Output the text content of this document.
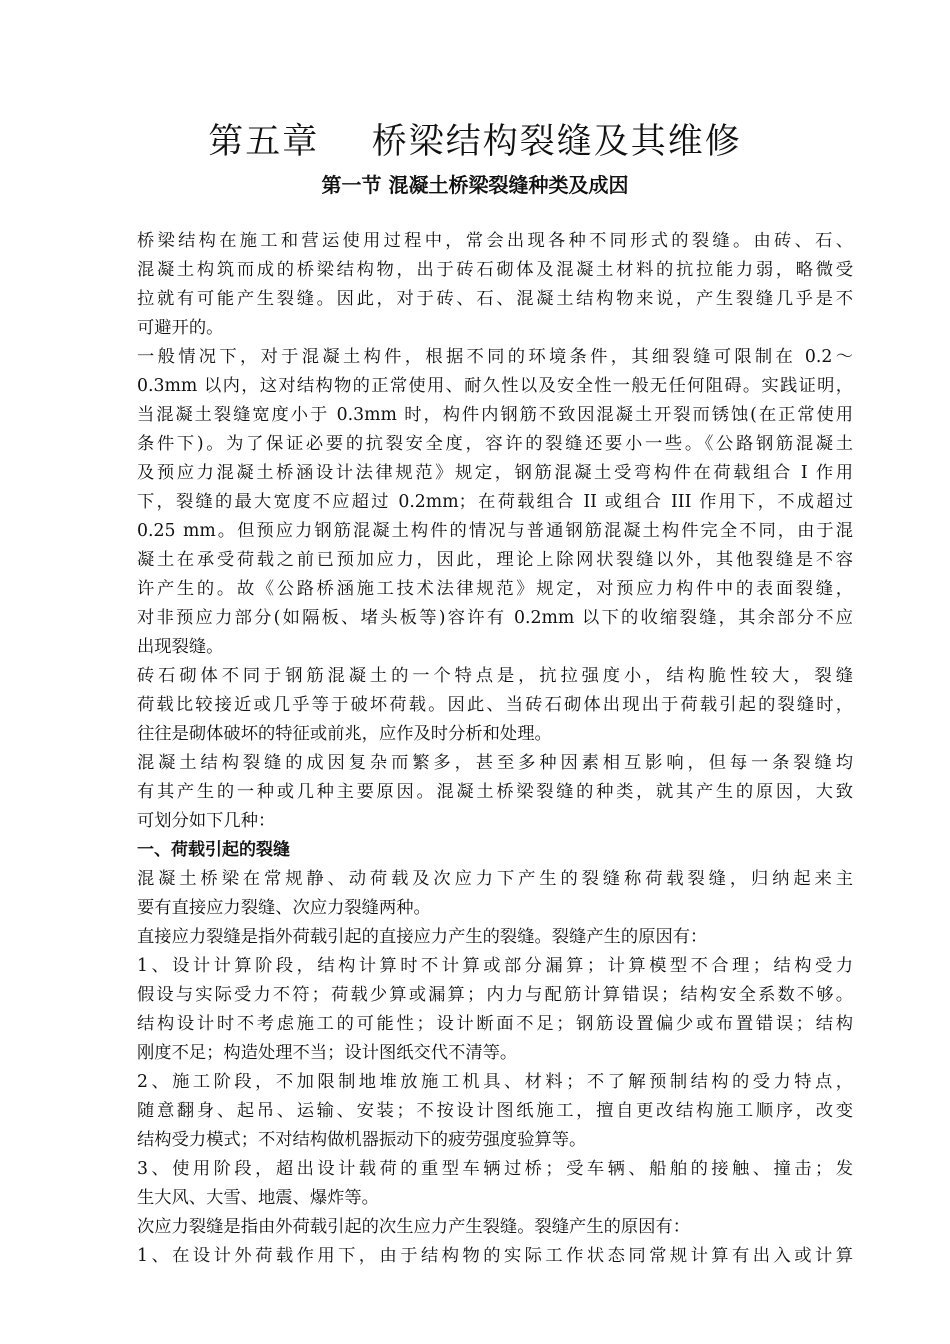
第五章    桥梁结构裂缝及其维修
第一节 混凝土桥梁裂缝种类及成因
桥梁结构在施工和营运使用过程中，常会出现各种不同形式的裂缝。由砖、石、
混凝土构筑而成的桥梁结构物，出于砖石砌体及混凝土材料的抗拉能力弱，略微受
拉就有可能产生裂缝。因此，对于砖、石、混凝土结构物来说，产生裂缝几乎是不
可避开的。
一般情况下，对于混凝土构件，根据不同的环境条件，其细裂缝可限制在 0.2～
0.3mm 以内，这对结构物的正常使用、耐久性以及安全性一般无任何阻碍。实践证明，
当混凝土裂缝宽度小于 0.3mm 时，构件内钢筋不致因混凝土开裂而锈蚀(在正常使用
条件下)。为了保证必要的抗裂安全度，容许的裂缝还要小一些。《公路钢筋混凝土
及预应力混凝土桥涵设计法律规范》规定，钢筋混凝土受弯构件在荷载组合 I 作用
下，裂缝的最大宽度不应超过 0.2mm；在荷载组合 II 或组合 III 作用下，不成超过
0.25 mm。但预应力钢筋混凝土构件的情况与普通钢筋混凝土构件完全不同，由于混
凝土在承受荷载之前已预加应力，因此，理论上除网状裂缝以外，其他裂缝是不容
许产生的。故《公路桥涵施工技术法律规范》规定，对预应力构件中的表面裂缝，
对非预应力部分(如隔板、堵头板等)容许有 0.2mm 以下的收缩裂缝，其余部分不应
出现裂缝。
砖石砌体不同于钢筋混凝土的一个特点是，抗拉强度小，结构脆性较大，裂缝
荷载比较接近或几乎等于破坏荷载。因此、当砖石砌体出现出于荷载引起的裂缝时，
往往是砌体破坏的特征或前兆，应作及时分析和处理。
混凝土结构裂缝的成因复杂而繁多，甚至多种因素相互影响，但每一条裂缝均
有其产生的一种或几种主要原因。混凝土桥梁裂缝的种类，就其产生的原因，大致
可划分如下几种：
一、荷载引起的裂缝
混凝土桥梁在常规静、动荷载及次应力下产生的裂缝称荷载裂缝，归纳起来主
要有直接应力裂缝、次应力裂缝两种。
直接应力裂缝是指外荷载引起的直接应力产生的裂缝。裂缝产生的原因有：
1、设计计算阶段，结构计算时不计算或部分漏算；计算模型不合理；结构受力
假设与实际受力不符；荷载少算或漏算；内力与配筋计算错误；结构安全系数不够。
结构设计时不考虑施工的可能性；设计断面不足；钢筋设置偏少或布置错误；结构
刚度不足；构造处理不当；设计图纸交代不清等。
2、施工阶段，不加限制地堆放施工机具、材料；不了解预制结构的受力特点，
随意翻身、起吊、运输、安装；不按设计图纸施工，擅自更改结构施工顺序，改变
结构受力模式；不对结构做机器振动下的疲劳强度验算等。
3、使用阶段，超出设计载荷的重型车辆过桥；受车辆、船舶的接触、撞击；发
生大风、大雪、地震、爆炸等。
次应力裂缝是指由外荷载引起的次生应力产生裂缝。裂缝产生的原因有：
1、在设计外荷载作用下，由于结构物的实际工作状态同常规计算有出入或计算
